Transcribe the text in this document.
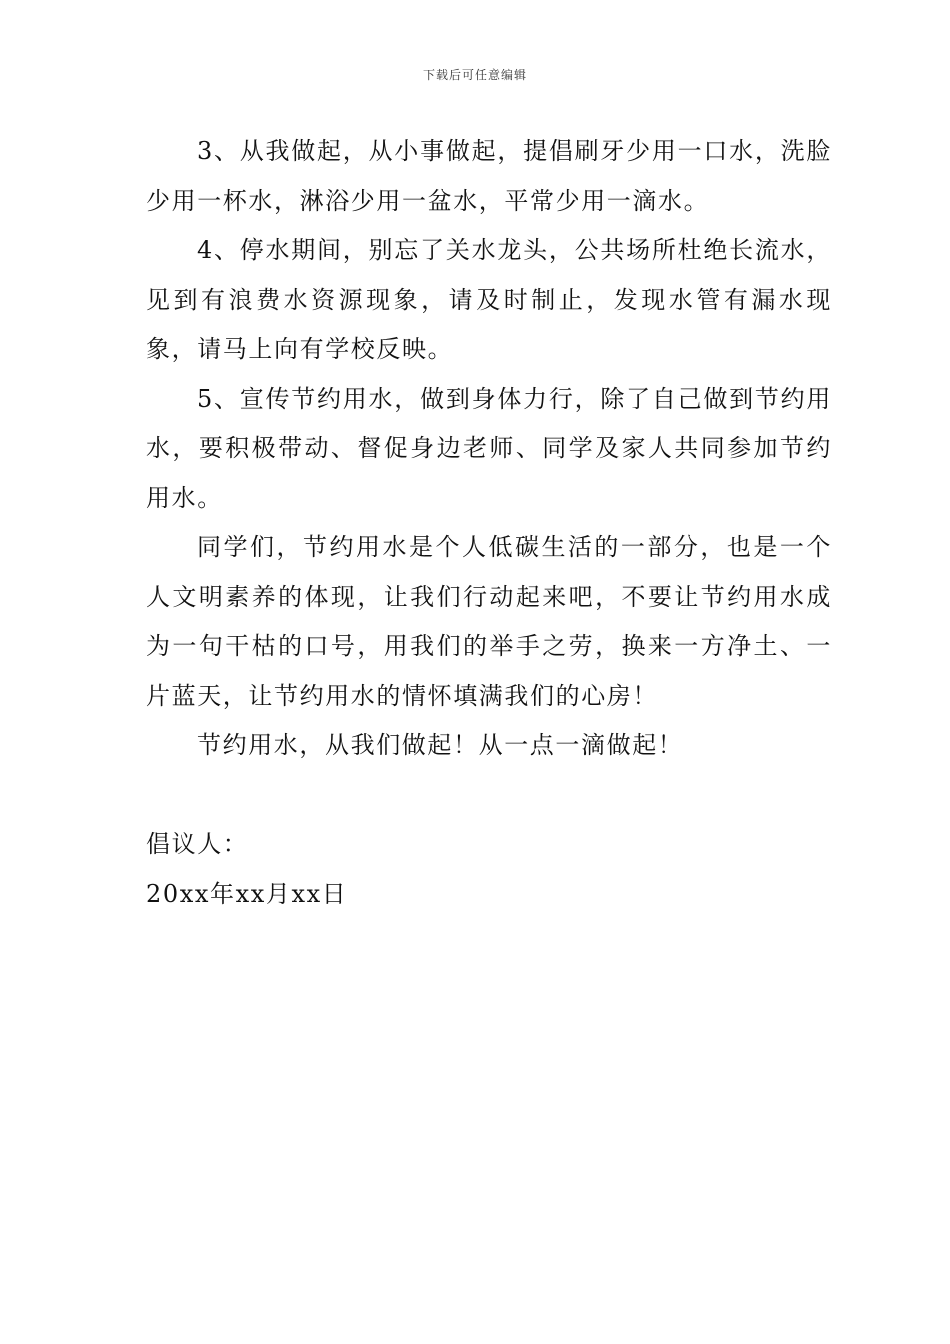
下载后可任意编辑

3、从我做起，从小事做起，提倡刷牙少用一口水，洗脸少用一杯水，淋浴少用一盆水，平常少用一滴水。

4、停水期间，别忘了关水龙头，公共场所杜绝长流水，见到有浪费水资源现象，请及时制止，发现水管有漏水现象，请马上向有学校反映。

5、宣传节约用水，做到身体力行，除了自己做到节约用水，要积极带动、督促身边老师、同学及家人共同参加节约用水。

同学们，节约用水是个人低碳生活的一部分，也是一个人文明素养的体现，让我们行动起来吧，不要让节约用水成为一句干枯的口号，用我们的举手之劳，换来一方净土、一片蓝天，让节约用水的情怀填满我们的心房！

节约用水，从我们做起！从一点一滴做起！

倡议人：

20xx年xx月xx日
